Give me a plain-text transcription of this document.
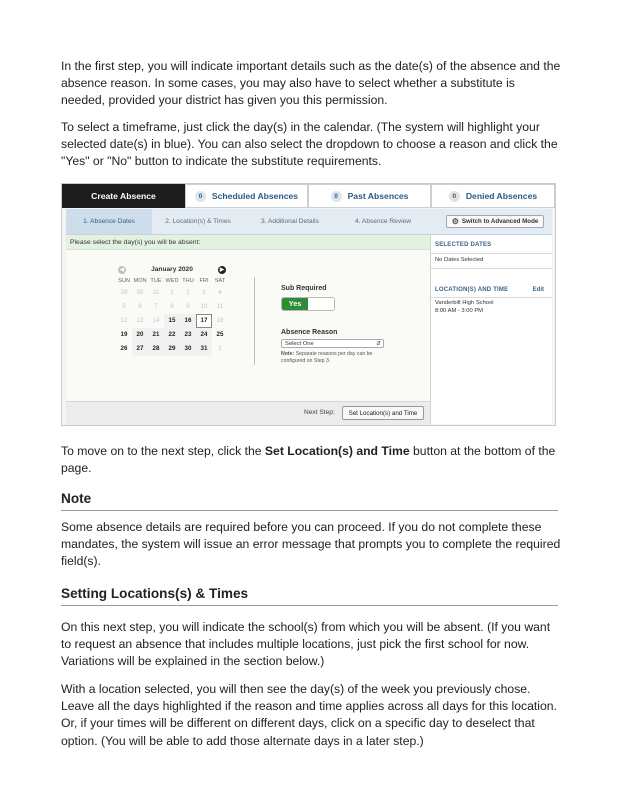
In the first step, you will indicate important details such as the date(s) of the absence and the absence reason. In some cases, you may also have to select whether a substitute is needed, provided your district has given you this permission.

To select a timeframe, just click the day(s) in the calendar. (The system will highlight your selected date(s) in blue). You can also select the dropdown to choose a reason and click the "Yes" or "No" button to indicate the substitute requirements.

Create Absence	0	Scheduled Absences	0	Past Absences	0	Denied Absences
1. Absence Dates	2. Location(s) & Times	3. Additional Details	4. Absence Review	⚙ Switch to Advanced Mode
Please select the day(s) you will be absent:
◀	January 2020	▶
SUN MON TUE WED THU	FRI	SAT
29	30	31	1	2	3	4
5	6	7	8	9	10	11
12	13	14	15	16	17	18
19	20	21	22	23	24	25
26	27	28	29	30	31	1
Sub Required
Yes
Absence Reason
Select One	⇵
Note: Separate reasons per day can be configured on Step 3.
Next Step:	Set Location(s) and Time
SELECTED DATES
No Dates Selected
LOCATION(S) AND TIME	Edit
Vanderbilt High School
8:00 AM - 3:00 PM

To move on to the next step, click the Set Location(s) and Time button at the bottom of the page.

Note

Some absence details are required before you can proceed. If you do not complete these mandates, the system will issue an error message that prompts you to complete the required field(s).

Setting Locations(s) & Times

On this next step, you will indicate the school(s) from which you will be absent. (If you want to request an absence that includes multiple locations, just pick the first school for now. Variations will be explained in the section below.)

With a location selected, you will then see the day(s) of the week you previously chose. Leave all the days highlighted if the reason and time applies across all days for this location. Or, if your times will be different on different days, click on a specific day to deselect that option. (You will be able to add those alternate days in a later step.)
